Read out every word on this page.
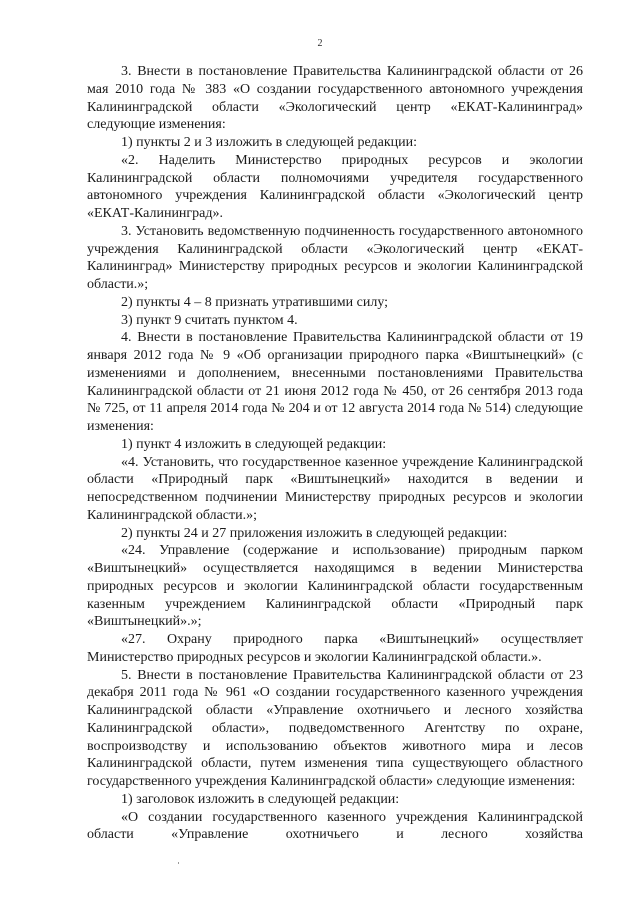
2

3. Внести в постановление Правительства Калининградской области от 26 мая 2010 года № 383 «О создании государственного автономного учреждения Калининградской области «Экологический центр «ЕКАТ-Калининград» следующие изменения:

1) пункты 2 и 3 изложить в следующей редакции:

«2. Наделить Министерство природных ресурсов и экологии Калининградской области полномочиями учредителя государственного автономного учреждения Калининградской области «Экологический центр «ЕКАТ-Калининград».

3. Установить ведомственную подчиненность государственного автономного учреждения Калининградской области «Экологический центр «ЕКАТ-Калининград» Министерству природных ресурсов и экологии Калининградской области.»;

2) пункты 4 – 8 признать утратившими силу;

3) пункт 9 считать пунктом 4.

4. Внести в постановление Правительства Калининградской области от 19 января 2012 года № 9 «Об организации природного парка «Виштынецкий» (с изменениями и дополнением, внесенными постановлениями Правительства Калининградской области от 21 июня 2012 года № 450, от 26 сентября 2013 года № 725, от 11 апреля 2014 года № 204 и от 12 августа 2014 года № 514) следующие изменения:

1) пункт 4 изложить в следующей редакции:

«4. Установить, что государственное казенное учреждение Калининградской области «Природный парк «Виштынецкий» находится в ведении и непосредственном подчинении Министерству природных ресурсов и экологии Калининградской области.»;

2) пункты 24 и 27 приложения изложить в следующей редакции:

«24. Управление (содержание и использование) природным парком «Виштынецкий» осуществляется находящимся в ведении Министерства природных ресурсов и экологии Калининградской области государственным казенным учреждением Калининградской области «Природный парк «Виштынецкий».»;

«27. Охрану природного парка «Виштынецкий» осуществляет Министерство природных ресурсов и экологии Калининградской области.».

5. Внести в постановление Правительства Калининградской области от 23 декабря 2011 года № 961 «О создании государственного казенного учреждения Калининградской области «Управление охотничьего и лесного хозяйства Калининградской области», подведомственного Агентству по охране, воспроизводству и использованию объектов животного мира и лесов Калининградской области, путем изменения типа существующего областного государственного учреждения Калининградской области» следующие изменения:

1) заголовок изложить в следующей редакции:

«О создании государственного казенного учреждения Калининградской области «Управление охотничьего и лесного хозяйства
